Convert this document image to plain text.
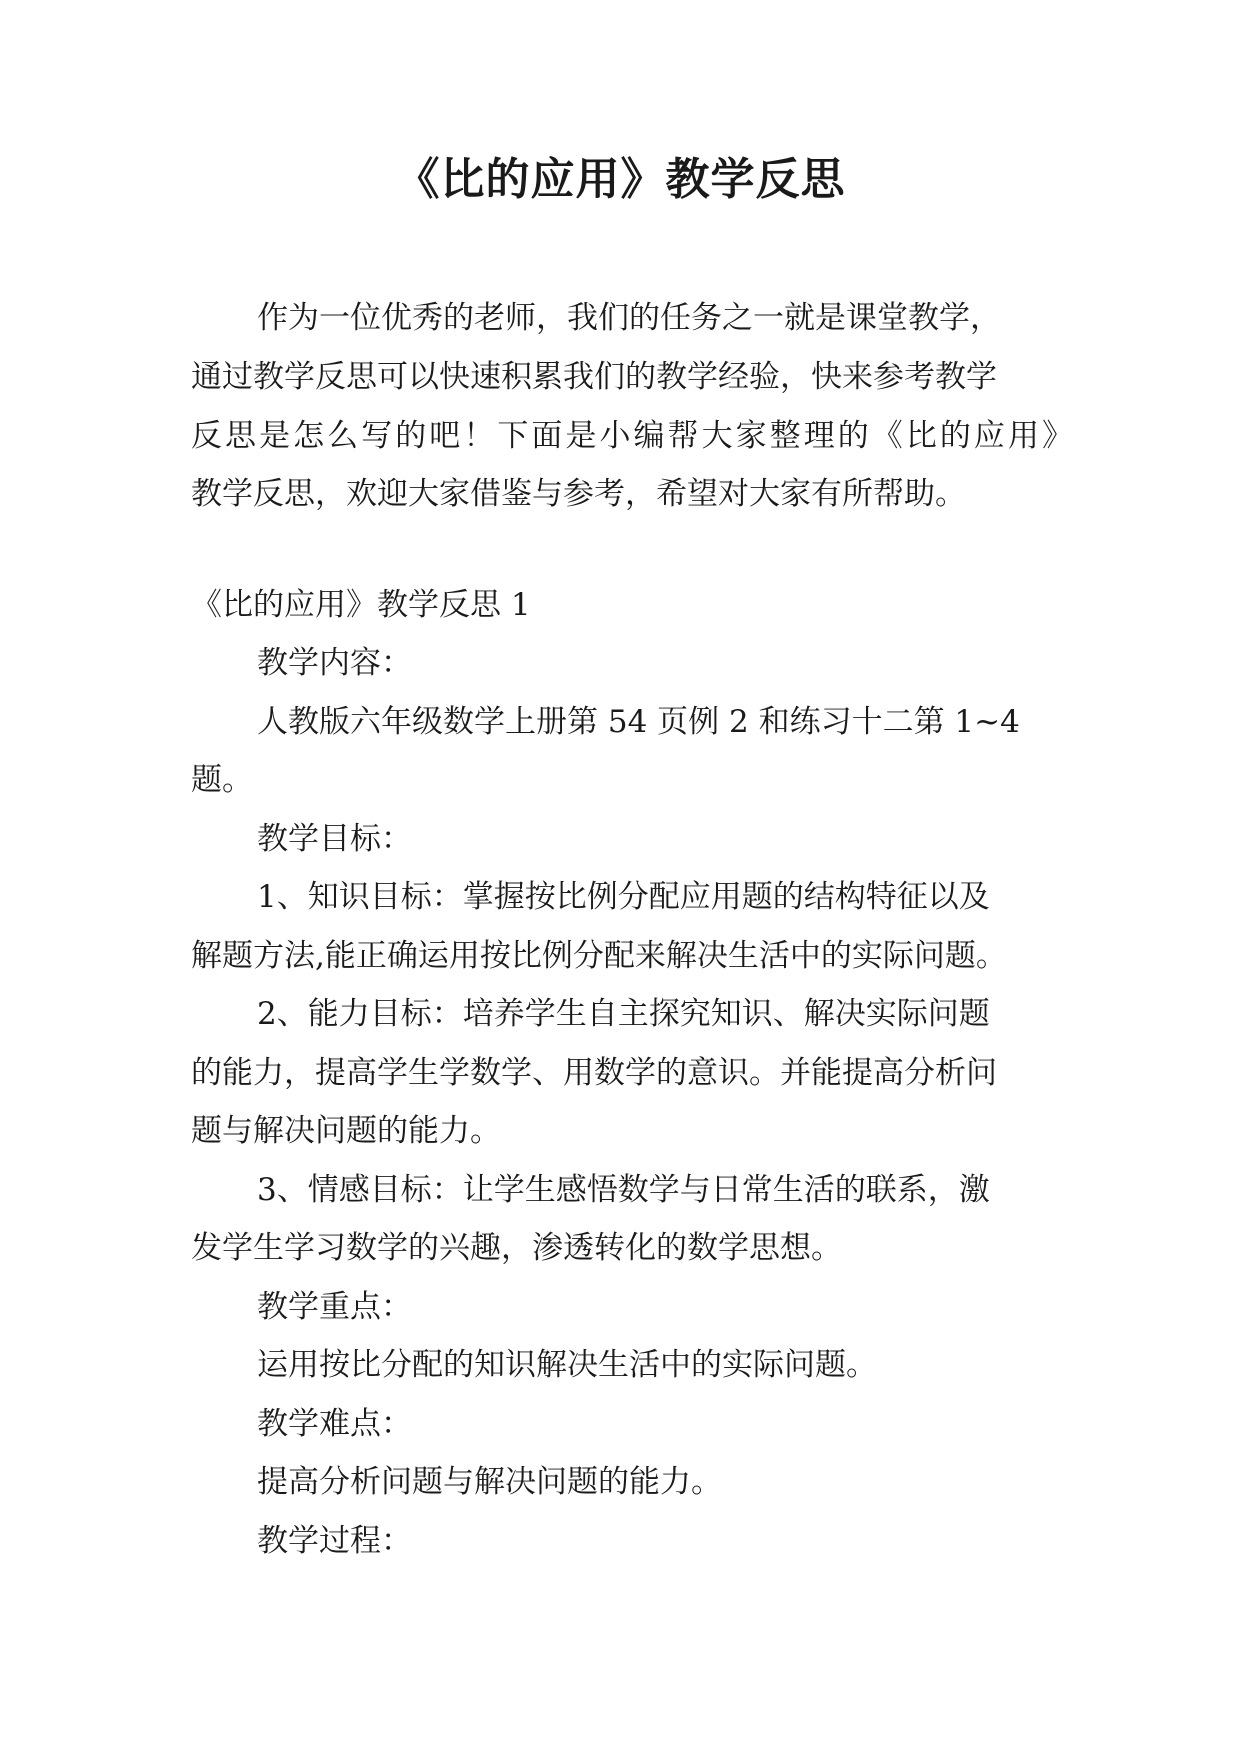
《比的应用》教学反思

作为一位优秀的老师，我们的任务之一就是课堂教学，

通过教学反思可以快速积累我们的教学经验，快来参考教学

反思是怎么写的吧！下面是小编帮大家整理的《比的应用》

教学反思，欢迎大家借鉴与参考，希望对大家有所帮助。

《比的应用》教学反思 1

教学内容：

人教版六年级数学上册第 54 页例 2 和练习十二第 1~4

题。

教学目标：

1、知识目标：掌握按比例分配应用题的结构特征以及

解题方法,能正确运用按比例分配来解决生活中的实际问题。

2、能力目标：培养学生自主探究知识、解决实际问题

的能力，提高学生学数学、用数学的意识。并能提高分析问

题与解决问题的能力。

3、情感目标：让学生感悟数学与日常生活的联系，激

发学生学习数学的兴趣，渗透转化的数学思想。

教学重点：

运用按比分配的知识解决生活中的实际问题。

教学难点：

提高分析问题与解决问题的能力。

教学过程：
